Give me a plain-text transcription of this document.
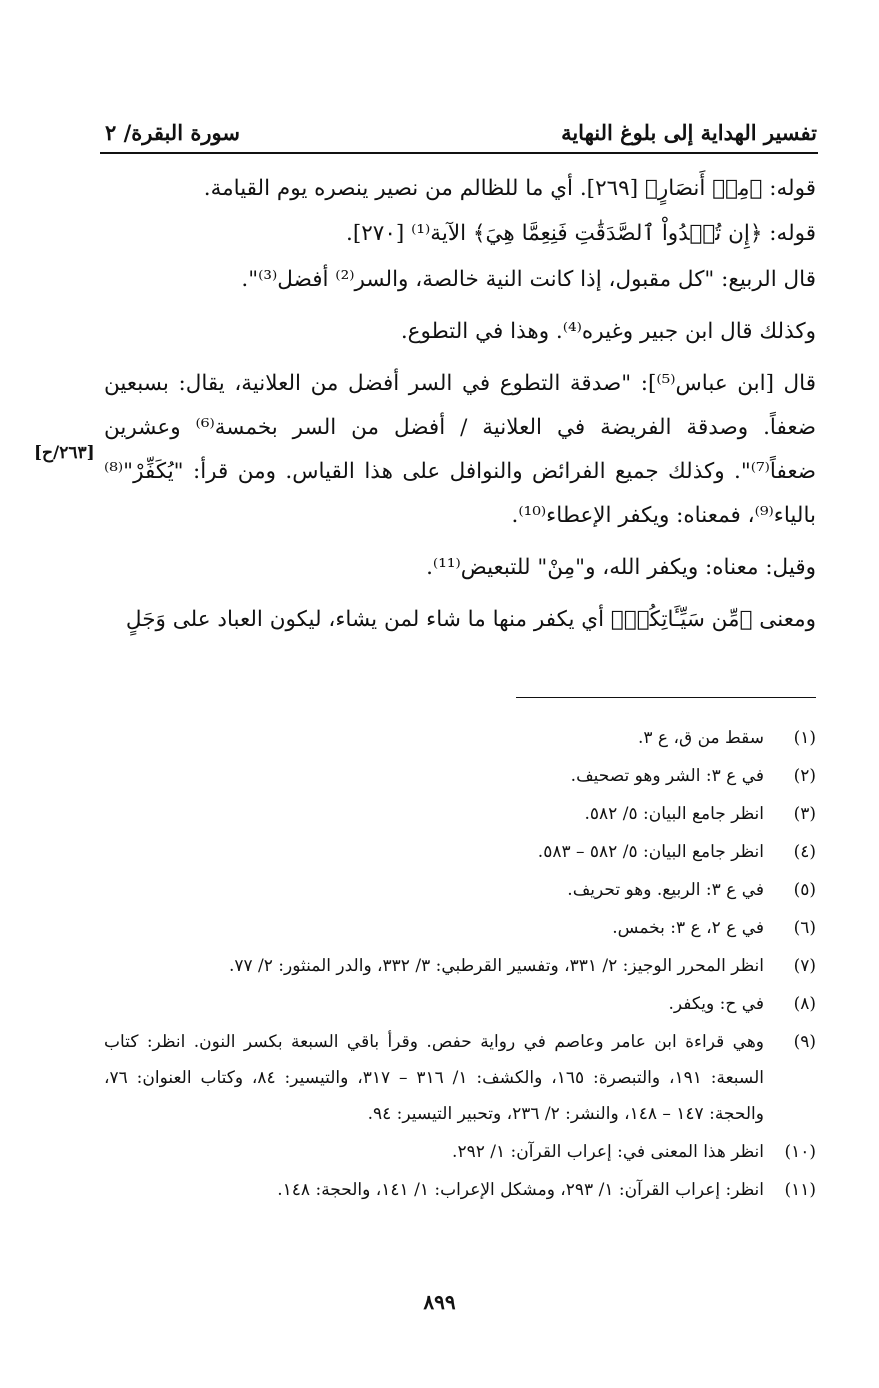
تفسير الهداية إلى بلوغ النهاية
سورة البقرة/ ٢

قوله: ﴿مِنۡ أَنصَارٍ﴾ [٢٦٩]. أي ما للظالم من نصير ينصره يوم القيامة.

قوله: ﴿إِن تُبۡدُواْ ٱلصَّدَقَٰتِ فَنِعِمَّا هِيَ﴾ الآية⁽¹⁾ [٢٧٠].

قال الربيع: "كل مقبول، إذا كانت النية خالصة، والسر⁽²⁾ أفضل⁽³⁾".

وكذلك قال ابن جبير وغيره⁽⁴⁾. وهذا في التطوع.

قال [ابن عباس⁽⁵⁾]: "صدقة التطوع في السر أفضل من العلانية، يقال: بسبعين ضعفاً. وصدقة الفريضة في العلانية / أفضل من السر بخمسة⁽⁶⁾ وعشرين ضعفاً⁽⁷⁾". وكذلك جميع الفرائض والنوافل على هذا القياس. ومن قرأ: "يُكَفِّرْ"⁽⁸⁾ بالياء⁽⁹⁾، فمعناه: ويكفر الإعطاء⁽¹⁰⁾.

وقيل: معناه: ويكفر الله، و"مِنْ" للتبعيض⁽¹¹⁾.

ومعنى ﴿مِّن سَيِّـَٔاتِكُمۡ﴾ أي يكفر منها ما شاء لمن يشاء، ليكون العباد على وَجَلٍ

[٢٦٣/ح]
(١)
سقط من ق، ع ٣.
(٢)
في ع ٣: الشر وهو تصحيف.
(٣)
انظر جامع البيان: ٥/ ٥٨٢.
(٤)
انظر جامع البيان: ٥/ ٥٨٢ – ٥٨٣.
(٥)
في ع ٣: الربيع. وهو تحريف.
(٦)
في ع ٢، ع ٣: بخمس.
(٧)
انظر المحرر الوجيز: ٢/ ٣٣١، وتفسير القرطبي: ٣/ ٣٣٢، والدر المنثور: ٢/ ٧٧.
(٨)
في ح: ويكفر.
(٩)
وهي قراءة ابن عامر وعاصم في رواية حفص. وقرأ باقي السبعة بكسر النون. انظر: كتاب السبعة: ١٩١، والتبصرة: ١٦٥، والكشف: ١/ ٣١٦ – ٣١٧، والتيسير: ٨٤، وكتاب العنوان: ٧٦، والحجة: ١٤٧ – ١٤٨، والنشر: ٢/ ٢٣٦، وتحبير التيسير: ٩٤.
(١٠)
انظر هذا المعنى في: إعراب القرآن: ١/ ٢٩٢.
(١١)
انظر: إعراب القرآن: ١/ ٢٩٣، ومشكل الإعراب: ١/ ١٤١، والحجة: ١٤٨.
٨٩٩
